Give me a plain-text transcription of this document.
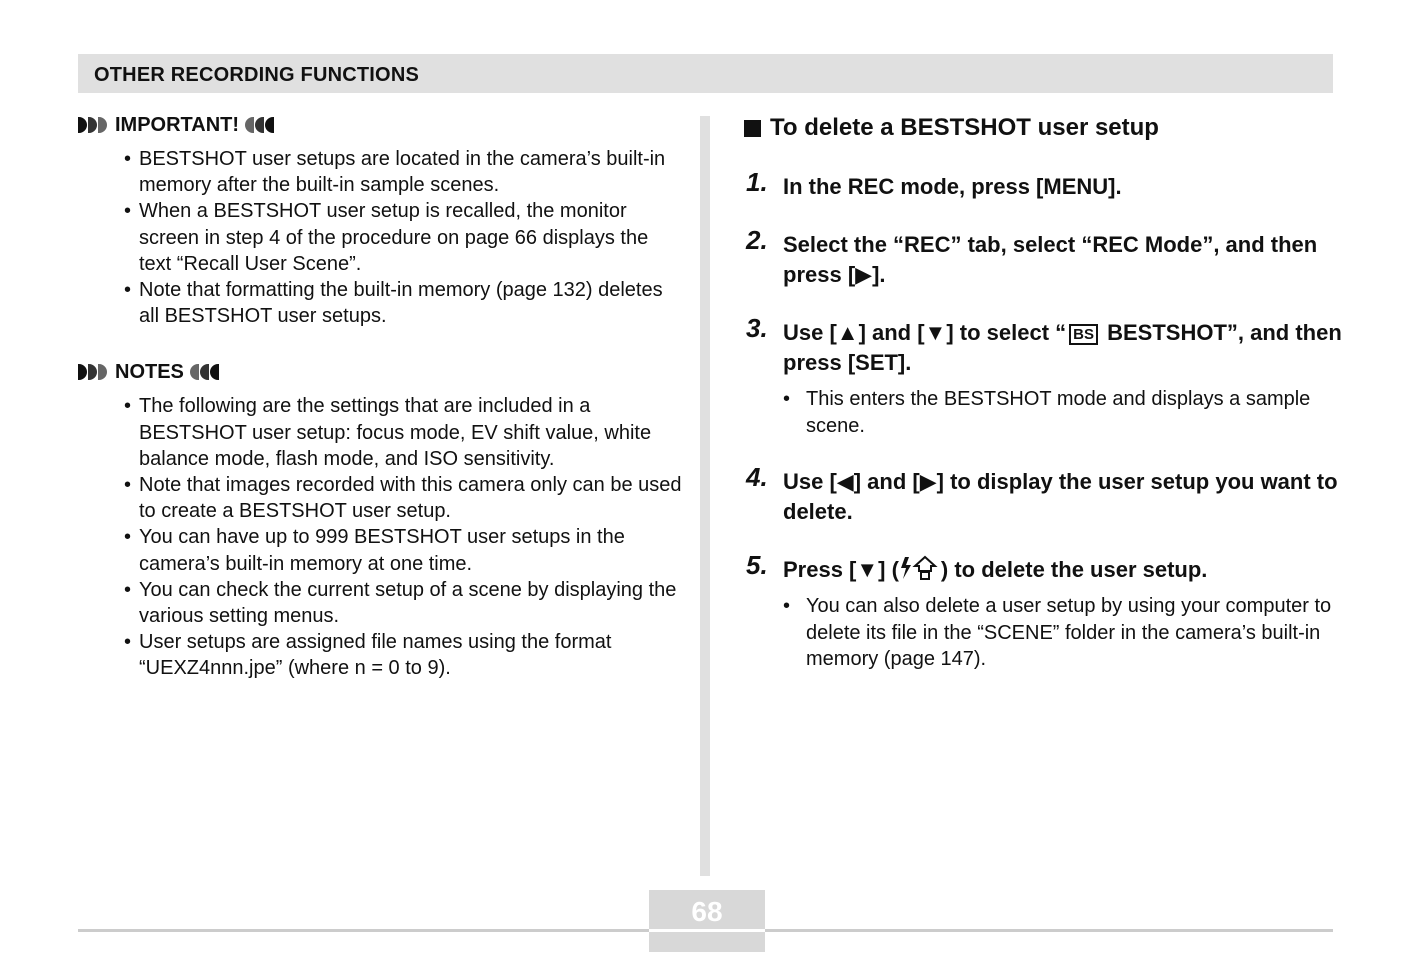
OTHER RECORDING FUNCTIONS
IMPORTANT!
• BESTSHOT user setups are located in the camera’s built-in memory after the built-in sample scenes.
• When a BESTSHOT user setup is recalled, the monitor screen in step 4 of the procedure on page 66 displays the text “Recall User Scene”.
• Note that formatting the built-in memory (page 132) deletes all BESTSHOT user setups.
NOTES
• The following are the settings that are included in a BESTSHOT user setup: focus mode, EV shift value, white balance mode, flash mode, and ISO sensitivity.
• Note that images recorded with this camera only can be used to create a BESTSHOT user setup.
• You can have up to 999 BESTSHOT user setups in the camera’s built-in memory at one time.
• You can check the current setup of a scene by displaying the various setting menus.
• User setups are assigned file names using the format “UEXZ4nnn.jpe” (where n = 0 to 9).
To delete a BESTSHOT user setup
1. In the REC mode, press [MENU].
2. Select the “REC” tab, select “REC Mode”, and then press [▶].
3. Use [▲] and [▼] to select “ BS BESTSHOT”, and then press [SET].
• This enters the BESTSHOT mode and displays a sample scene.
4. Use [◀] and [▶] to display the user setup you want to delete.
5. Press [▼] ( ) to delete the user setup.
• You can also delete a user setup by using your computer to delete its file in the “SCENE” folder in the camera’s built-in memory (page 147).
68
